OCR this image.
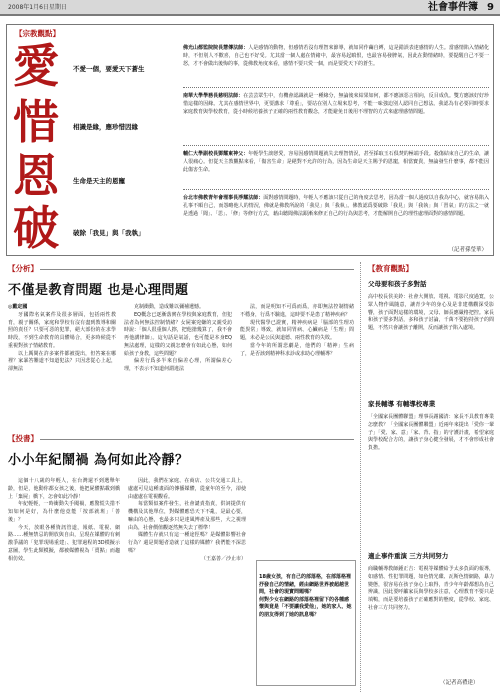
2008年1月6日星期日	社會事件簿 9
【宗教觀點】
愛
惜
恩
破
不愛一個，要愛天下蒼生
相識是緣，應珍惜因緣
生命是天主的恩寵
破除「我見」與「我執」
佛光山都監院院長慧傳法師：人是感情的動物，但感情若沒有理智來節導，就如同作繭自縛，這是錯誤表達感情的人生。當感情陷入情緒化時，不但別人不歡喜，自己也不好受。尤其當一個人處在情緒中，最容易起瞋恨，也最容易發脾氣，因此在動情緒時，要提醒自己不要一怒，才不會做出後悔的事，從佛教角度來看，感情不要只愛一個，而是要愛天下的蒼生。
南華大學學務長慈明法師：在芸芸眾生中，有機會認識就是一種緣分，無論後來結果如何，都不應該惡言相向，反目成仇。雙方應該好好珍惜這樣的因緣。尤其在感情世界中，更要講求「尊重」，要站在別人立場來思考，不能一味強迫別人認同自己想法。我認為有必要同時要求家庭教育與學校教育，從小時候培養孩子正確的兩性教育觀念，才能避免日後用不理智的方式來處理感情問題。
輔仁大學副校長鄧耀東神父：年輕學生談戀愛，容易因感情問題就失去理智情況，甚至採取玉石俱焚的極端手段。殺傷結束自己的生命，讓人很痛心。但從天主教觀點來看，「傷害生命」是絕對不允許的行為，因為生命是天主賜予的恩寵，相當寶貴，無論發生什麼事，都不能因此傷害生命。
台北市佛教青年會理事長淨耀法師：面對感情問題時，年輕人不應該只從自己的角度去思考，因為當一個人過度以自我為中心，就容易陷入孔事不順自己，而怨略他人的情況，佛就是佛教所說的「我見」與「我執」。佛教認爲要破除「我見」與「我執」與「習氣」的方法之一就是透過「聞」、「思」、「修」等修行方式，藉由聽聞佛法跟漸來修正自己的行為與思考，才能解開自己的理性處理面對的感情問題。
（記者孫瑩華）
【分析】
不僅是教育問題 也是心理問題
◎戴定國

牙國際名氣案件及很多層面，包括兩性教育，親子關係，家庭和學校有沒有盡到教導和關照的責任？只要可惡的犯罪，絕大部份的在求學時段，不到生命教育的具體場合，更多時候從不重視對孩子情緒教育。

以上厲間在許多案件都被提出，但答案在哪裡？家暴答難道不知道犯法？只因悲從心上起，卻無法

克制衝動，造成難以彌補遺憾。

EQ概念已逐漸落實在學校與家庭教育，但犯法者為何無法控制情緒？女屍案兇嫌的父親受訪時說：「個人很重個人擦，把他搶幾算了，我不會再他講律師」。這句話是氣話，也可能是本身EQ無法處理，這樣的父親怎麼會有如此心態，如何給孩子身教，這些問題？

偏差行爲多半來自偏差心理，所謂偏差心理，不表示不知道何謂違法

法，而是明知不可爲而爲，亦即無法控制情緒不穩身，行爲不驗進，這時要不是患了精神疾病？

現代醫學已證實，精神疾病是「腦部的生理功能異常」導致，就如同胃病、心臟病是「生理」問題，未必是公民與道德、兩性教育的失敗。

當今年的所謂悲劇是，他們的「精神」生病了，是否該到精神科求診或求助心理輔導？

【投書】
小小年紀鬧禍 為何如此冷靜？

這個十八歲的年輕人，在台灣還不到選舉年齡，但是，他動你都女孩之後，他把屍體點載到橋上「棄屍」橋下，怎會如此冷靜！

年紀輕輕，一時衝動失手闖禍，應驚慌失措不知如何是好，為什麼他竟能「按部就班」「善後」？

今天，放眼各種資訊管道，報紙、電視、網路……種無禁忌的開放與自由，呈現在媒體的有刺激爭議的「犯罪現場重建」、犯罪過程的3D模擬示意圖，學生此類模擬，都被媒體視為「賣點」而趨相仿效。

因此，我們在家庭、在商店、公共交通工具上，處處可見這種畫面的傳播媒體，從童年的至今，卻使由處處在電視觀看。

每當類似案件發生，社會譴責指責，供詞提供有機構及其他單位，對媒體應恐天下不亂，是最心要，嘛由的心態，也最多只是達風博產及那些，大之視理由為，社會價值觀逐然無失去了標準！

媒體生存就只有這一種途徑嗎？是媒體影響社會行為？還是問題者造就了這樣的媒體？我們能不深思嗎？

（王嘉善／沙止市）
18歲女孩，有自己的部落格，在部落格裡抒發自己的情緒，經由網路世界被超越世間，社會的現實問題嗎？
何對少女在網路的部落格裡留下的各種感懷與竟是「不要讓我愛他」，她的家人、她的朋友得到了她的訊息嗎？
【教育觀點】
父母要和孩子多對話
高中校長侯美鈴：社會大開放、電視、電影尺度過寬，公眾人物作風隨意，讓青少年的身心及是非建構觀深受影響，孩子面對這樣的環境，父母、師長應嚴格把控。家長和孩子要多對話，多和孩子討論，千萬不要抱持孩子的問題，不然只會讓孩子離開，反而讓孩子陷入處境。
家長輔導 有輔導校專業
「全國家長團體聯盟」理事長謝國清：家長不具教育專業怎麼教？「全國家長團體聯盟」近兩年來提出「愛你一輩子」「愛、家、意」「家、背、指」的守護計畫，希望家庭與學校配合方的，讓孩子身心健全發展，才不會形成社會負擔。
適止事件重演 三方共同努力
商職輔導教師鍾正吉：電視等媒體給予太多負面的報導，如感情、性犯罪問題，如色情光碟、瓦斯色情網路，暴力變態，很容易在孩子身心上取得，青少年年齡都想為自己辨識，因此要呼籲家長與學校多注意，心理教育不要只是填鴨，而是要培養孩子正確應對的態度，從學校、家庭、社會三方共同努力。
（記者高禮達）
